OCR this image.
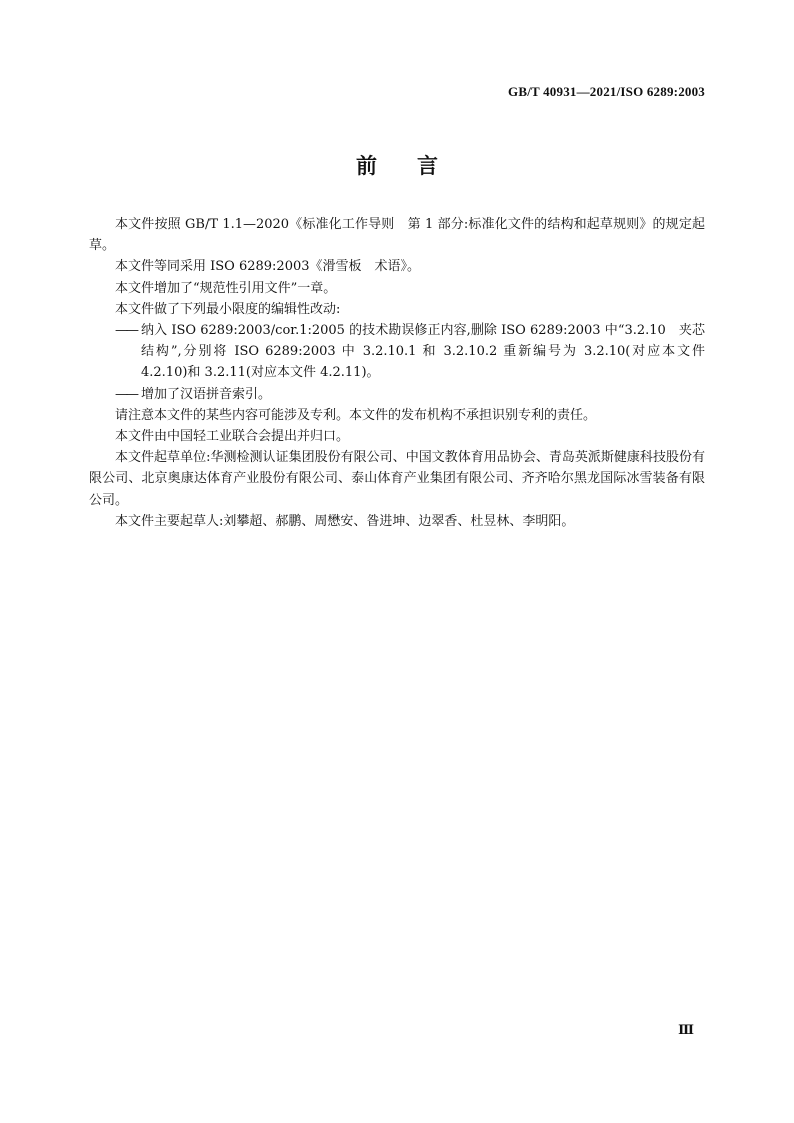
GB/T 40931—2021/ISO 6289:2003
前 言

本文件按照 GB/T 1.1—2020《标准化工作导则　第 1 部分:标准化文件的结构和起草规则》的规定起草。

本文件等同采用 ISO 6289:2003《滑雪板　术语》。

本文件增加了“规范性引用文件”一章。

本文件做了下列最小限度的编辑性改动:

—— 纳入 ISO 6289:2003/cor.1:2005 的技术勘误修正内容,删除 ISO 6289:2003 中“3.2.10　夹芯结构”,分别将 ISO 6289:2003 中 3.2.10.1 和 3.2.10.2 重新编号为 3.2.10(对应本文件 4.2.10)和 3.2.11(对应本文件 4.2.11)。

—— 增加了汉语拼音索引。

请注意本文件的某些内容可能涉及专利。本文件的发布机构不承担识别专利的责任。

本文件由中国轻工业联合会提出并归口。

本文件起草单位:华测检测认证集团股份有限公司、中国文教体育用品协会、青岛英派斯健康科技股份有限公司、北京奥康达体育产业股份有限公司、泰山体育产业集团有限公司、齐齐哈尔黑龙国际冰雪装备有限公司。

本文件主要起草人:刘攀超、郝鹏、周懋安、昝进坤、边翠香、杜昱林、李明阳。

Ⅲ
